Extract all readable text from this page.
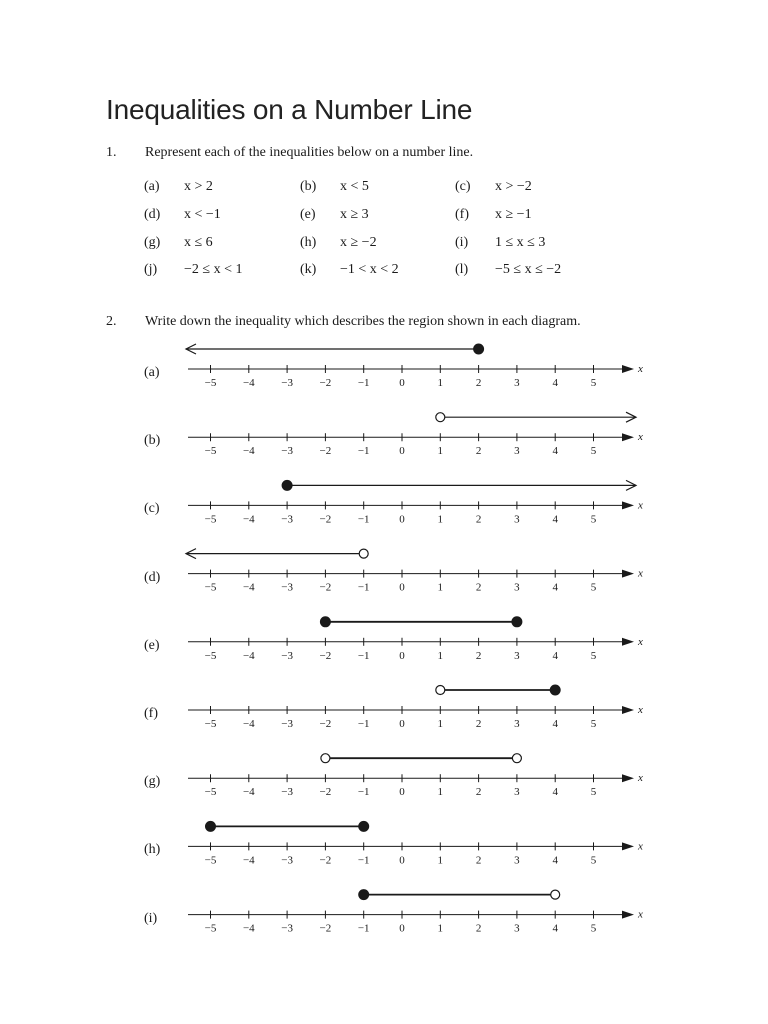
Inequalities on a Number Line
1. Represent each of the inequalities below on a number line.
(a) x > 2	(b) x < 5	(c) x > −2
(d) x < −1	(e) x ≥ 3	(f) x ≥ −1
(g) x ≤ 6	(h) x ≥ −2	(i) 1 ≤ x ≤ 3
(j) −2 ≤ x < 1	(k) −1 < x < 2	(l) −5 ≤ x ≤ −2
2. Write down the inequality which describes the region shown in each diagram.
(a)
(b)
(c)
(d)
(e)
(f)
(g)
(h)
(i)
x
−5 −4 −3 −2 −1	0	1	2	3	4	5
x
−5 −4 −3 −2 −1	0	1	2	3	4	5
x
−5 −4 −3 −2 −1	0	1	2	3	4	5
x
−5 −4 −3 −2 −1	0	1	2	3	4	5
x
−5 −4 −3 −2 −1	0	1	2	3	4	5
x
−5 −4 −3 −2 −1	0	1	2	3	4	5
x
−5 −4 −3 −2 −1	0	1	2	3	4	5
x
−5 −4 −3 −2 −1	0	1	2	3	4	5
x
−5 −4 −3 −2 −1	0	1	2	3	4	5
